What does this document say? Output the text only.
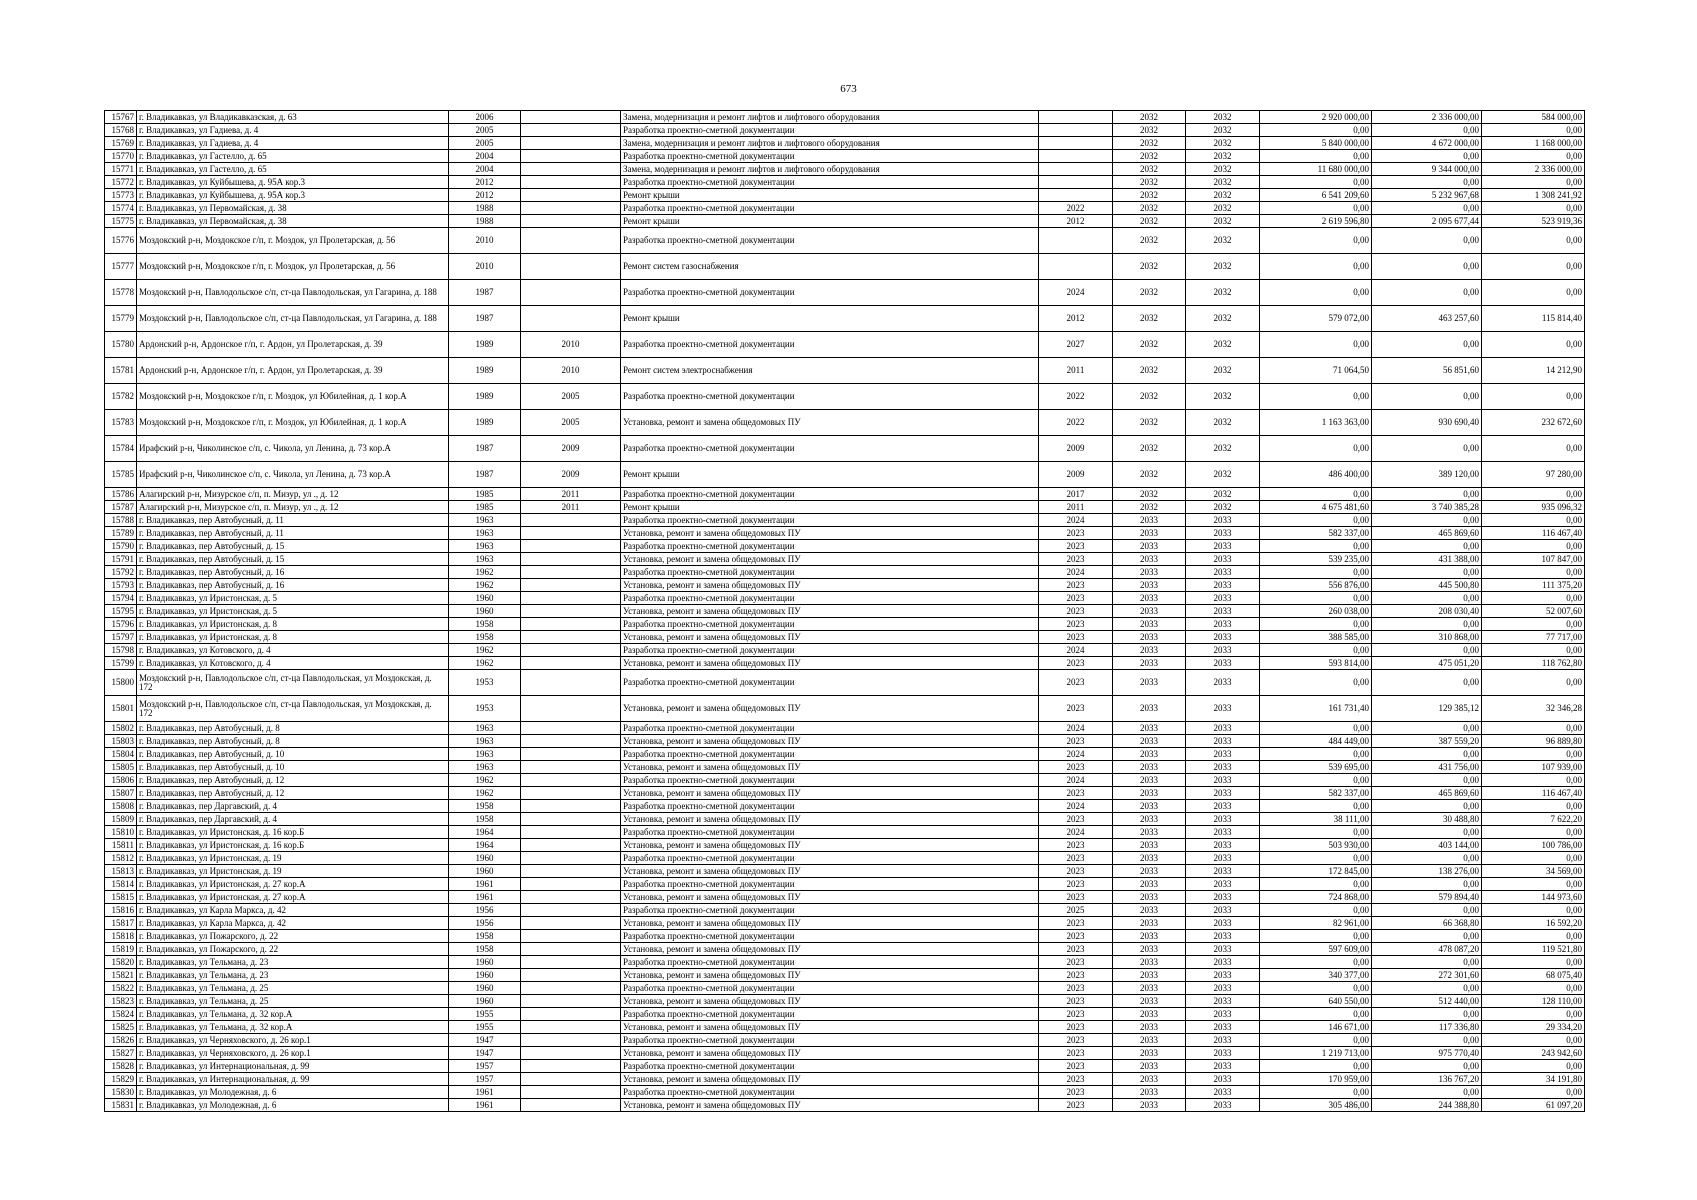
673
15767	г. Владикавказ, ул Владикавказская, д. 63	2006		Замена, модернизация и ремонт лифтов и лифтового оборудования		2032	2032	2 920 000,00	2 336 000,00	584 000,00
15768	г. Владикавказ, ул Гадиева, д. 4	2005		Разработка проектно-сметной документации		2032	2032	0,00	0,00	0,00
15769	г. Владикавказ, ул Гадиева, д. 4	2005		Замена, модернизация и ремонт лифтов и лифтового оборудования		2032	2032	5 840 000,00	4 672 000,00	1 168 000,00
15770	г. Владикавказ, ул Гастелло, д. 65	2004		Разработка проектно-сметной документации		2032	2032	0,00	0,00	0,00
15771	г. Владикавказ, ул Гастелло, д. 65	2004		Замена, модернизация и ремонт лифтов и лифтового оборудования		2032	2032	11 680 000,00	9 344 000,00	2 336 000,00
15772	г. Владикавказ, ул Куйбышева, д. 95А кор.3	2012		Разработка проектно-сметной документации		2032	2032	0,00	0,00	0,00
15773	г. Владикавказ, ул Куйбышева, д. 95А кор.3	2012		Ремонт крыши		2032	2032	6 541 209,60	5 232 967,68	1 308 241,92
15774	г. Владикавказ, ул Первомайская, д. 38	1988		Разработка проектно-сметной документации	2022	2032	2032	0,00	0,00	0,00
15775	г. Владикавказ, ул Первомайская, д. 38	1988		Ремонт крыши	2012	2032	2032	2 619 596,80	2 095 677,44	523 919,36
15776	Моздокский р-н, Моздокское г/п, г. Моздок, ул Пролетарская, д. 56	2010		Разработка проектно-сметной документации		2032	2032	0,00	0,00	0,00
15777	Моздокский р-н, Моздокское г/п, г. Моздок, ул Пролетарская, д. 56	2010		Ремонт систем газоснабжения		2032	2032	0,00	0,00	0,00
15778	Моздокский р-н, Павлодольское с/п, ст-ца Павлодольская, ул Гагарина, д. 188	1987		Разработка проектно-сметной документации	2024	2032	2032	0,00	0,00	0,00
15779	Моздокский р-н, Павлодольское с/п, ст-ца Павлодольская, ул Гагарина, д. 188	1987		Ремонт крыши	2012	2032	2032	579 072,00	463 257,60	115 814,40
15780	Ардонский р-н, Ардонское г/п, г. Ардон, ул Пролетарская, д. 39	1989	2010	Разработка проектно-сметной документации	2027	2032	2032	0,00	0,00	0,00
15781	Ардонский р-н, Ардонское г/п, г. Ардон, ул Пролетарская, д. 39	1989	2010	Ремонт систем электроснабжения	2011	2032	2032	71 064,50	56 851,60	14 212,90
15782	Моздокский р-н, Моздокское г/п, г. Моздок, ул Юбилейная, д. 1 кор.А	1989	2005	Разработка проектно-сметной документации	2022	2032	2032	0,00	0,00	0,00
15783	Моздокский р-н, Моздокское г/п, г. Моздок, ул Юбилейная, д. 1 кор.А	1989	2005	Установка, ремонт и замена общедомовых ПУ	2022	2032	2032	1 163 363,00	930 690,40	232 672,60
15784	Ирафский р-н, Чиколинское с/п, с. Чикола, ул Ленина, д. 73 кор.А	1987	2009	Разработка проектно-сметной документации	2009	2032	2032	0,00	0,00	0,00
15785	Ирафский р-н, Чиколинское с/п, с. Чикола, ул Ленина, д. 73 кор.А	1987	2009	Ремонт крыши	2009	2032	2032	486 400,00	389 120,00	97 280,00
15786	Алагирский р-н, Мизурское с/п, п. Мизур, ул ., д. 12	1985	2011	Разработка проектно-сметной документации	2017	2032	2032	0,00	0,00	0,00
15787	Алагирский р-н, Мизурское с/п, п. Мизур, ул ., д. 12	1985	2011	Ремонт крыши	2011	2032	2032	4 675 481,60	3 740 385,28	935 096,32
15788	г. Владикавказ, пер Автобусный, д. 11	1963		Разработка проектно-сметной документации	2024	2033	2033	0,00	0,00	0,00
15789	г. Владикавказ, пер Автобусный, д. 11	1963		Установка, ремонт и замена общедомовых ПУ	2023	2033	2033	582 337,00	465 869,60	116 467,40
15790	г. Владикавказ, пер Автобусный, д. 15	1963		Разработка проектно-сметной документации	2023	2033	2033	0,00	0,00	0,00
15791	г. Владикавказ, пер Автобусный, д. 15	1963		Установка, ремонт и замена общедомовых ПУ	2023	2033	2033	539 235,00	431 388,00	107 847,00
15792	г. Владикавказ, пер Автобусный, д. 16	1962		Разработка проектно-сметной документации	2024	2033	2033	0,00	0,00	0,00
15793	г. Владикавказ, пер Автобусный, д. 16	1962		Установка, ремонт и замена общедомовых ПУ	2023	2033	2033	556 876,00	445 500,80	111 375,20
15794	г. Владикавказ, ул Иристонская, д. 5	1960		Разработка проектно-сметной документации	2023	2033	2033	0,00	0,00	0,00
15795	г. Владикавказ, ул Иристонская, д. 5	1960		Установка, ремонт и замена общедомовых ПУ	2023	2033	2033	260 038,00	208 030,40	52 007,60
15796	г. Владикавказ, ул Иристонская, д. 8	1958		Разработка проектно-сметной документации	2023	2033	2033	0,00	0,00	0,00
15797	г. Владикавказ, ул Иристонская, д. 8	1958		Установка, ремонт и замена общедомовых ПУ	2023	2033	2033	388 585,00	310 868,00	77 717,00
15798	г. Владикавказ, ул Котовского, д. 4	1962		Разработка проектно-сметной документации	2024	2033	2033	0,00	0,00	0,00
15799	г. Владикавказ, ул Котовского, д. 4	1962		Установка, ремонт и замена общедомовых ПУ	2023	2033	2033	593 814,00	475 051,20	118 762,80
15800	Моздокский р-н, Павлодольское с/п, ст-ца Павлодольская, ул Моздокская, д. 172	1953		Разработка проектно-сметной документации	2023	2033	2033	0,00	0,00	0,00
15801	Моздокский р-н, Павлодольское с/п, ст-ца Павлодольская, ул Моздокская, д. 172	1953		Установка, ремонт и замена общедомовых ПУ	2023	2033	2033	161 731,40	129 385,12	32 346,28
15802	г. Владикавказ, пер Автобусный, д. 8	1963		Разработка проектно-сметной документации	2024	2033	2033	0,00	0,00	0,00
15803	г. Владикавказ, пер Автобусный, д. 8	1963		Установка, ремонт и замена общедомовых ПУ	2023	2033	2033	484 449,00	387 559,20	96 889,80
15804	г. Владикавказ, пер Автобусный, д. 10	1963		Разработка проектно-сметной документации	2024	2033	2033	0,00	0,00	0,00
15805	г. Владикавказ, пер Автобусный, д. 10	1963		Установка, ремонт и замена общедомовых ПУ	2023	2033	2033	539 695,00	431 756,00	107 939,00
15806	г. Владикавказ, пер Автобусный, д. 12	1962		Разработка проектно-сметной документации	2024	2033	2033	0,00	0,00	0,00
15807	г. Владикавказ, пер Автобусный, д. 12	1962		Установка, ремонт и замена общедомовых ПУ	2023	2033	2033	582 337,00	465 869,60	116 467,40
15808	г. Владикавказ, пер Даргавский, д. 4	1958		Разработка проектно-сметной документации	2024	2033	2033	0,00	0,00	0,00
15809	г. Владикавказ, пер Даргавский, д. 4	1958		Установка, ремонт и замена общедомовых ПУ	2023	2033	2033	38 111,00	30 488,80	7 622,20
15810	г. Владикавказ, ул Иристонская, д. 16 кор.Б	1964		Разработка проектно-сметной документации	2024	2033	2033	0,00	0,00	0,00
15811	г. Владикавказ, ул Иристонская, д. 16 кор.Б	1964		Установка, ремонт и замена общедомовых ПУ	2023	2033	2033	503 930,00	403 144,00	100 786,00
15812	г. Владикавказ, ул Иристонская, д. 19	1960		Разработка проектно-сметной документации	2023	2033	2033	0,00	0,00	0,00
15813	г. Владикавказ, ул Иристонская, д. 19	1960		Установка, ремонт и замена общедомовых ПУ	2023	2033	2033	172 845,00	138 276,00	34 569,00
15814	г. Владикавказ, ул Иристонская, д. 27 кор.А	1961		Разработка проектно-сметной документации	2023	2033	2033	0,00	0,00	0,00
15815	г. Владикавказ, ул Иристонская, д. 27 кор.А	1961		Установка, ремонт и замена общедомовых ПУ	2023	2033	2033	724 868,00	579 894,40	144 973,60
15816	г. Владикавказ, ул Карла Маркса, д. 42	1956		Разработка проектно-сметной документации	2025	2033	2033	0,00	0,00	0,00
15817	г. Владикавказ, ул Карла Маркса, д. 42	1956		Установка, ремонт и замена общедомовых ПУ	2023	2033	2033	82 961,00	66 368,80	16 592,20
15818	г. Владикавказ, ул Пожарского, д. 22	1958		Разработка проектно-сметной документации	2023	2033	2033	0,00	0,00	0,00
15819	г. Владикавказ, ул Пожарского, д. 22	1958		Установка, ремонт и замена общедомовых ПУ	2023	2033	2033	597 609,00	478 087,20	119 521,80
15820	г. Владикавказ, ул Тельмана, д. 23	1960		Разработка проектно-сметной документации	2023	2033	2033	0,00	0,00	0,00
15821	г. Владикавказ, ул Тельмана, д. 23	1960		Установка, ремонт и замена общедомовых ПУ	2023	2033	2033	340 377,00	272 301,60	68 075,40
15822	г. Владикавказ, ул Тельмана, д. 25	1960		Разработка проектно-сметной документации	2023	2033	2033	0,00	0,00	0,00
15823	г. Владикавказ, ул Тельмана, д. 25	1960		Установка, ремонт и замена общедомовых ПУ	2023	2033	2033	640 550,00	512 440,00	128 110,00
15824	г. Владикавказ, ул Тельмана, д. 32 кор.А	1955		Разработка проектно-сметной документации	2023	2033	2033	0,00	0,00	0,00
15825	г. Владикавказ, ул Тельмана, д. 32 кор.А	1955		Установка, ремонт и замена общедомовых ПУ	2023	2033	2033	146 671,00	117 336,80	29 334,20
15826	г. Владикавказ, ул Черняховского, д. 26 кор.1	1947		Разработка проектно-сметной документации	2023	2033	2033	0,00	0,00	0,00
15827	г. Владикавказ, ул Черняховского, д. 26 кор.1	1947		Установка, ремонт и замена общедомовых ПУ	2023	2033	2033	1 219 713,00	975 770,40	243 942,60
15828	г. Владикавказ, ул Интернациональная, д. 99	1957		Разработка проектно-сметной документации	2023	2033	2033	0,00	0,00	0,00
15829	г. Владикавказ, ул Интернациональная, д. 99	1957		Установка, ремонт и замена общедомовых ПУ	2023	2033	2033	170 959,00	136 767,20	34 191,80
15830	г. Владикавказ, ул Молодежная, д. 6	1961		Разработка проектно-сметной документации	2023	2033	2033	0,00	0,00	0,00
15831	г. Владикавказ, ул Молодежная, д. 6	1961		Установка, ремонт и замена общедомовых ПУ	2023	2033	2033	305 486,00	244 388,80	61 097,20
